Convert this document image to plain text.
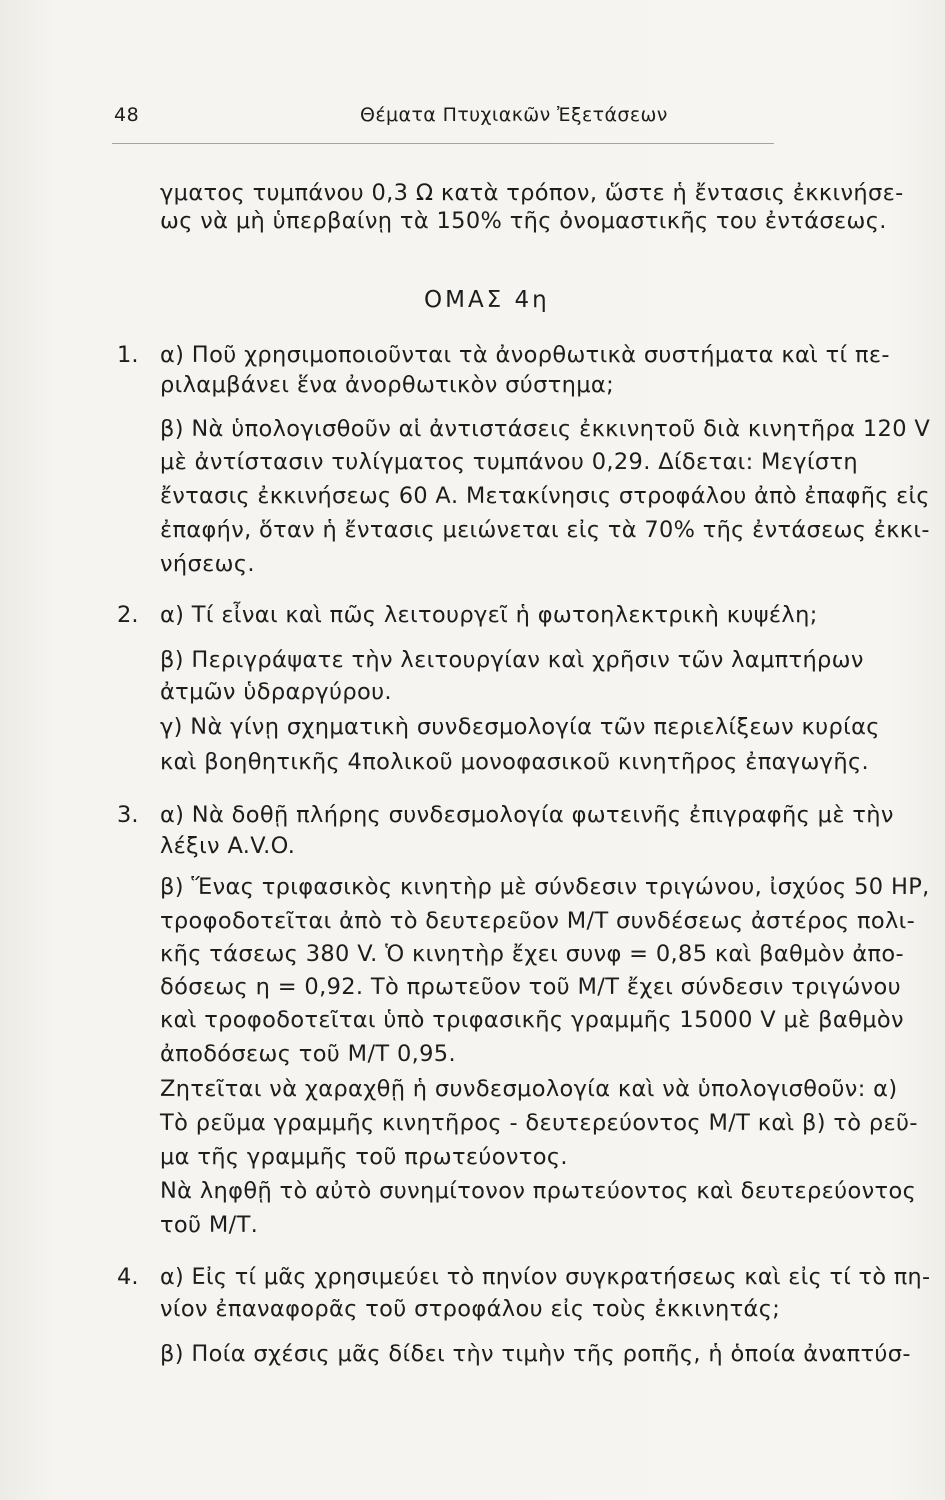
48	Θέματα Πτυχιακῶν Ἐξετάσεων
γματος τυμπάνου 0,3 Ω κατὰ τρόπον, ὥστε ἡ ἔντασις ἐκκινήσε-
ως νὰ μὴ ὑπερβαίνῃ τὰ 150% τῆς ὀνομαστικῆς του ἐντάσεως.
ΟΜΑΣ 4η
1. α) Ποῦ χρησιμοποιοῦνται τὰ ἀνορθωτικὰ συστήματα καὶ τί πε-
ριλαμβάνει ἕνα ἀνορθωτικὸν σύστημα;
β) Νὰ ὑπολογισθοῦν αἱ ἀντιστάσεις ἐκκινητοῦ διὰ κινητῆρα 120 V
μὲ ἀντίστασιν τυλίγματος τυμπάνου 0,29. Δίδεται: Μεγίστη
ἔντασις ἐκκινήσεως 60 Α. Μετακίνησις στροφάλου ἀπὸ ἐπαφῆς εἰς
ἐπαφήν, ὅταν ἡ ἔντασις μειώνεται εἰς τὰ 70% τῆς ἐντάσεως ἐκκι-
νήσεως.
2. α) Τί εἶναι καὶ πῶς λειτουργεῖ ἡ φωτοηλεκτρικὴ κυψέλη;
β) Περιγράψατε τὴν λειτουργίαν καὶ χρῆσιν τῶν λαμπτήρων
ἀτμῶν ὑδραργύρου.
γ) Νὰ γίνῃ σχηματικὴ συνδεσμολογία τῶν περιελίξεων κυρίας
καὶ βοηθητικῆς 4πολικοῦ μονοφασικοῦ κινητῆρος ἐπαγωγῆς.
3. α) Νὰ δοθῇ πλήρης συνδεσμολογία φωτεινῆς ἐπιγραφῆς μὲ τὴν
λέξιν A.V.O.
β) Ἕνας τριφασικὸς κινητὴρ μὲ σύνδεσιν τριγώνου, ἰσχύος 50 HP,
τροφοδοτεῖται ἀπὸ τὸ δευτερεῦον Μ/Τ συνδέσεως ἀστέρος πολι-
κῆς τάσεως 380 V. Ὁ κινητὴρ ἔχει συνφ = 0,85 καὶ βαθμὸν ἀπο-
δόσεως η = 0,92. Τὸ πρωτεῦον τοῦ Μ/Τ ἔχει σύνδεσιν τριγώνου
καὶ τροφοδοτεῖται ὑπὸ τριφασικῆς γραμμῆς 15000 V μὲ βαθμὸν
ἀποδόσεως τοῦ Μ/Τ 0,95.
Ζητεῖται νὰ χαραχθῇ ἡ συνδεσμολογία καὶ νὰ ὑπολογισθοῦν: α)
Τὸ ρεῦμα γραμμῆς κινητῆρος - δευτερεύοντος Μ/Τ καὶ β) τὸ ρεῦ-
μα τῆς γραμμῆς τοῦ πρωτεύοντος.
Νὰ ληφθῇ τὸ αὐτὸ συνημίτονον πρωτεύοντος καὶ δευτερεύοντος
τοῦ Μ/Τ.
4. α) Εἰς τί μᾶς χρησιμεύει τὸ πηνίον συγκρατήσεως καὶ εἰς τί τὸ πη-
νίον ἐπαναφορᾶς τοῦ στροφάλου εἰς τοὺς ἐκκινητάς;
β) Ποία σχέσις μᾶς δίδει τὴν τιμὴν τῆς ροπῆς, ἡ ὁποία ἀναπτύσ-
